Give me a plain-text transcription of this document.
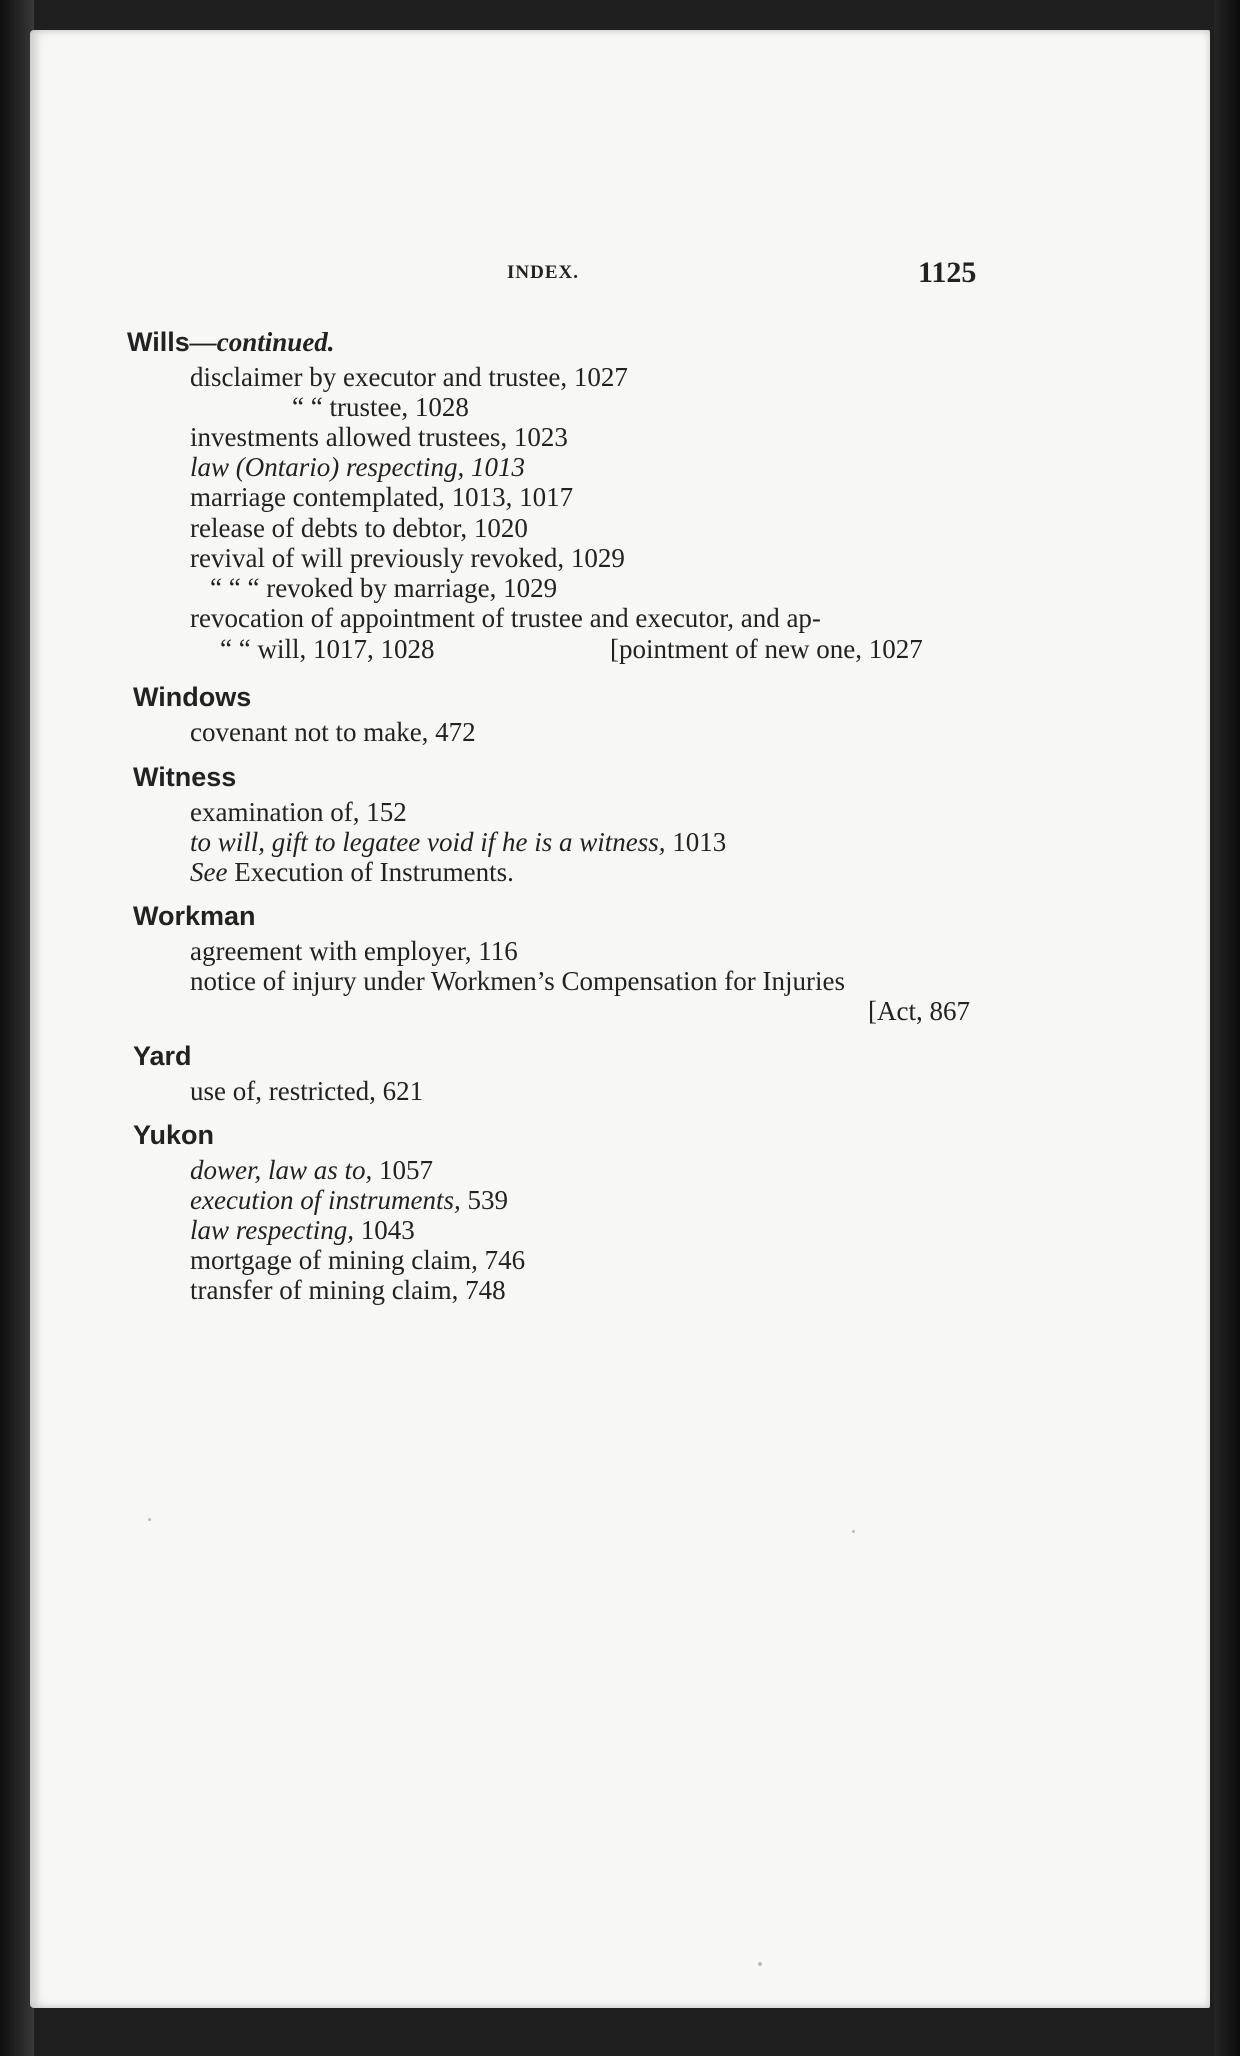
INDEX.	1125
Wills—continued.
disclaimer by executor and trustee, 1027
“ “ trustee, 1028
investments allowed trustees, 1023
law (Ontario) respecting, 1013
marriage contemplated, 1013, 1017
release of debts to debtor, 1020
revival of will previously revoked, 1029
“ “ “ revoked by marriage, 1029
revocation of appointment of trustee and executor, and ap-
“ “ will, 1017, 1028	[pointment of new one, 1027
Windows
covenant not to make, 472
Witness
examination of, 152
to will, gift to legatee void if he is a witness, 1013
See Execution of Instruments.
Workman
agreement with employer, 116
notice of injury under Workmen’s Compensation for Injuries
[Act, 867
Yard
use of, restricted, 621
Yukon
dower, law as to, 1057
execution of instruments, 539
law respecting, 1043
mortgage of mining claim, 746
transfer of mining claim, 748
